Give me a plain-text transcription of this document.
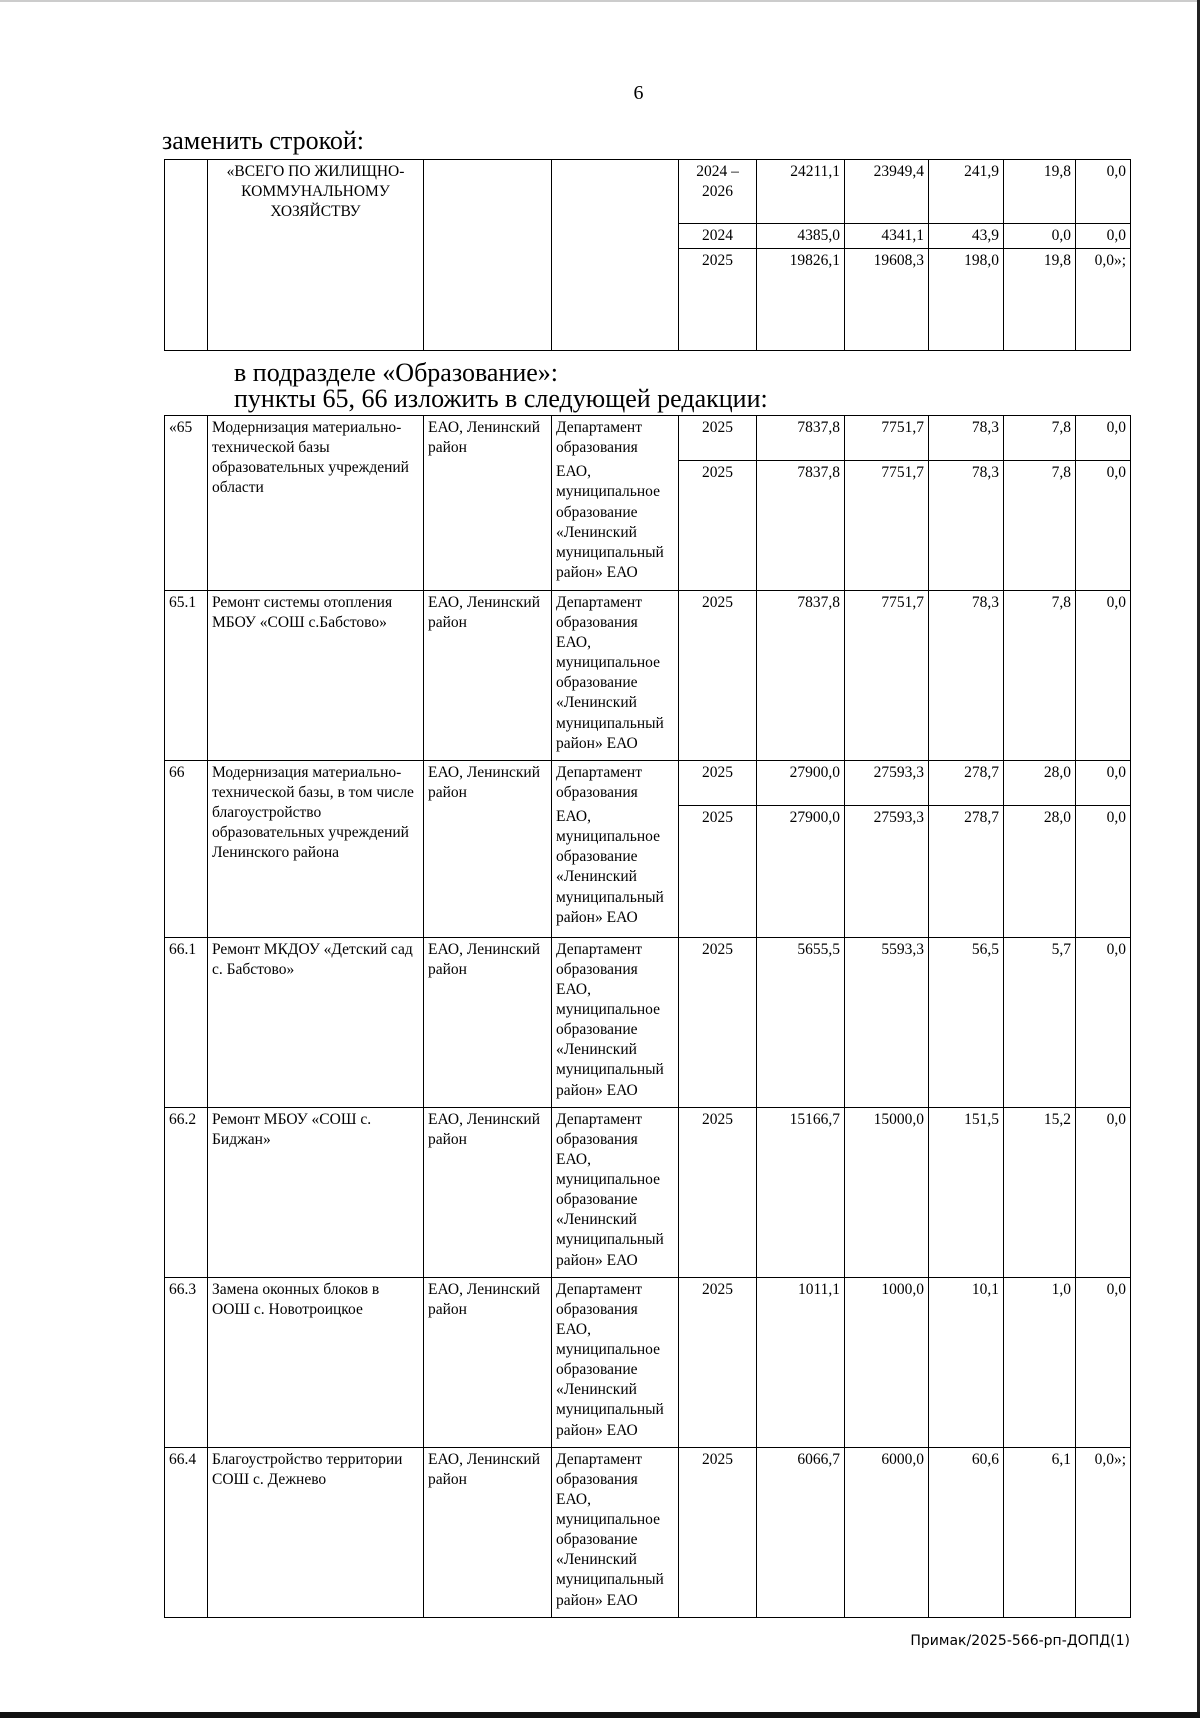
6
заменить строкой:
	«ВСЕГО ПО ЖИЛИЩНО-КОММУНАЛЬНОМУ ХОЗЯЙСТВУ			2024 – 2026	24211,1	23949,4	241,9	19,8	0,0
				2024	4385,0	4341,1	43,9	0,0	0,0
				2025	19826,1	19608,3	198,0	19,8	0,0»;
в подразделе «Образование»:
пункты 65, 66 изложить в следующей редакции:
«65	Модернизация материально-технической базы образовательных учреждений области	ЕАО, Ленинский район	Департамент образования	2025	7837,8	7751,7	78,3	7,8	0,0
			ЕАО, муниципальное образование «Ленинский муниципальный район» ЕАО	2025	7837,8	7751,7	78,3	7,8	0,0
65.1	Ремонт системы отопления МБОУ «СОШ с.Бабстово»	ЕАО, Ленинский район	Департамент образования ЕАО, муниципальное образование «Ленинский муниципальный район» ЕАО	2025	7837,8	7751,7	78,3	7,8	0,0
66	Модернизация материально-технической базы, в том числе благоустройство образовательных учреждений Ленинского района	ЕАО, Ленинский район	Департамент образования	2025	27900,0	27593,3	278,7	28,0	0,0
			ЕАО, муниципальное образование «Ленинский муниципальный район» ЕАО	2025	27900,0	27593,3	278,7	28,0	0,0
66.1	Ремонт МКДОУ «Детский сад с. Бабстово»	ЕАО, Ленинский район	Департамент образования ЕАО, муниципальное образование «Ленинский муниципальный район» ЕАО	2025	5655,5	5593,3	56,5	5,7	0,0
66.2	Ремонт МБОУ «СОШ с. Биджан»	ЕАО, Ленинский район	Департамент образования ЕАО, муниципальное образование «Ленинский муниципальный район» ЕАО	2025	15166,7	15000,0	151,5	15,2	0,0
66.3	Замена оконных блоков в ООШ с. Новотроицкое	ЕАО, Ленинский район	Департамент образования ЕАО, муниципальное образование «Ленинский муниципальный район» ЕАО	2025	1011,1	1000,0	10,1	1,0	0,0
66.4	Благоустройство территории СОШ с. Дежнево	ЕАО, Ленинский район	Департамент образования ЕАО, муниципальное образование «Ленинский муниципальный район» ЕАО	2025	6066,7	6000,0	60,6	6,1	0,0»;
Примак/2025-566-рп-ДОПД(1)
